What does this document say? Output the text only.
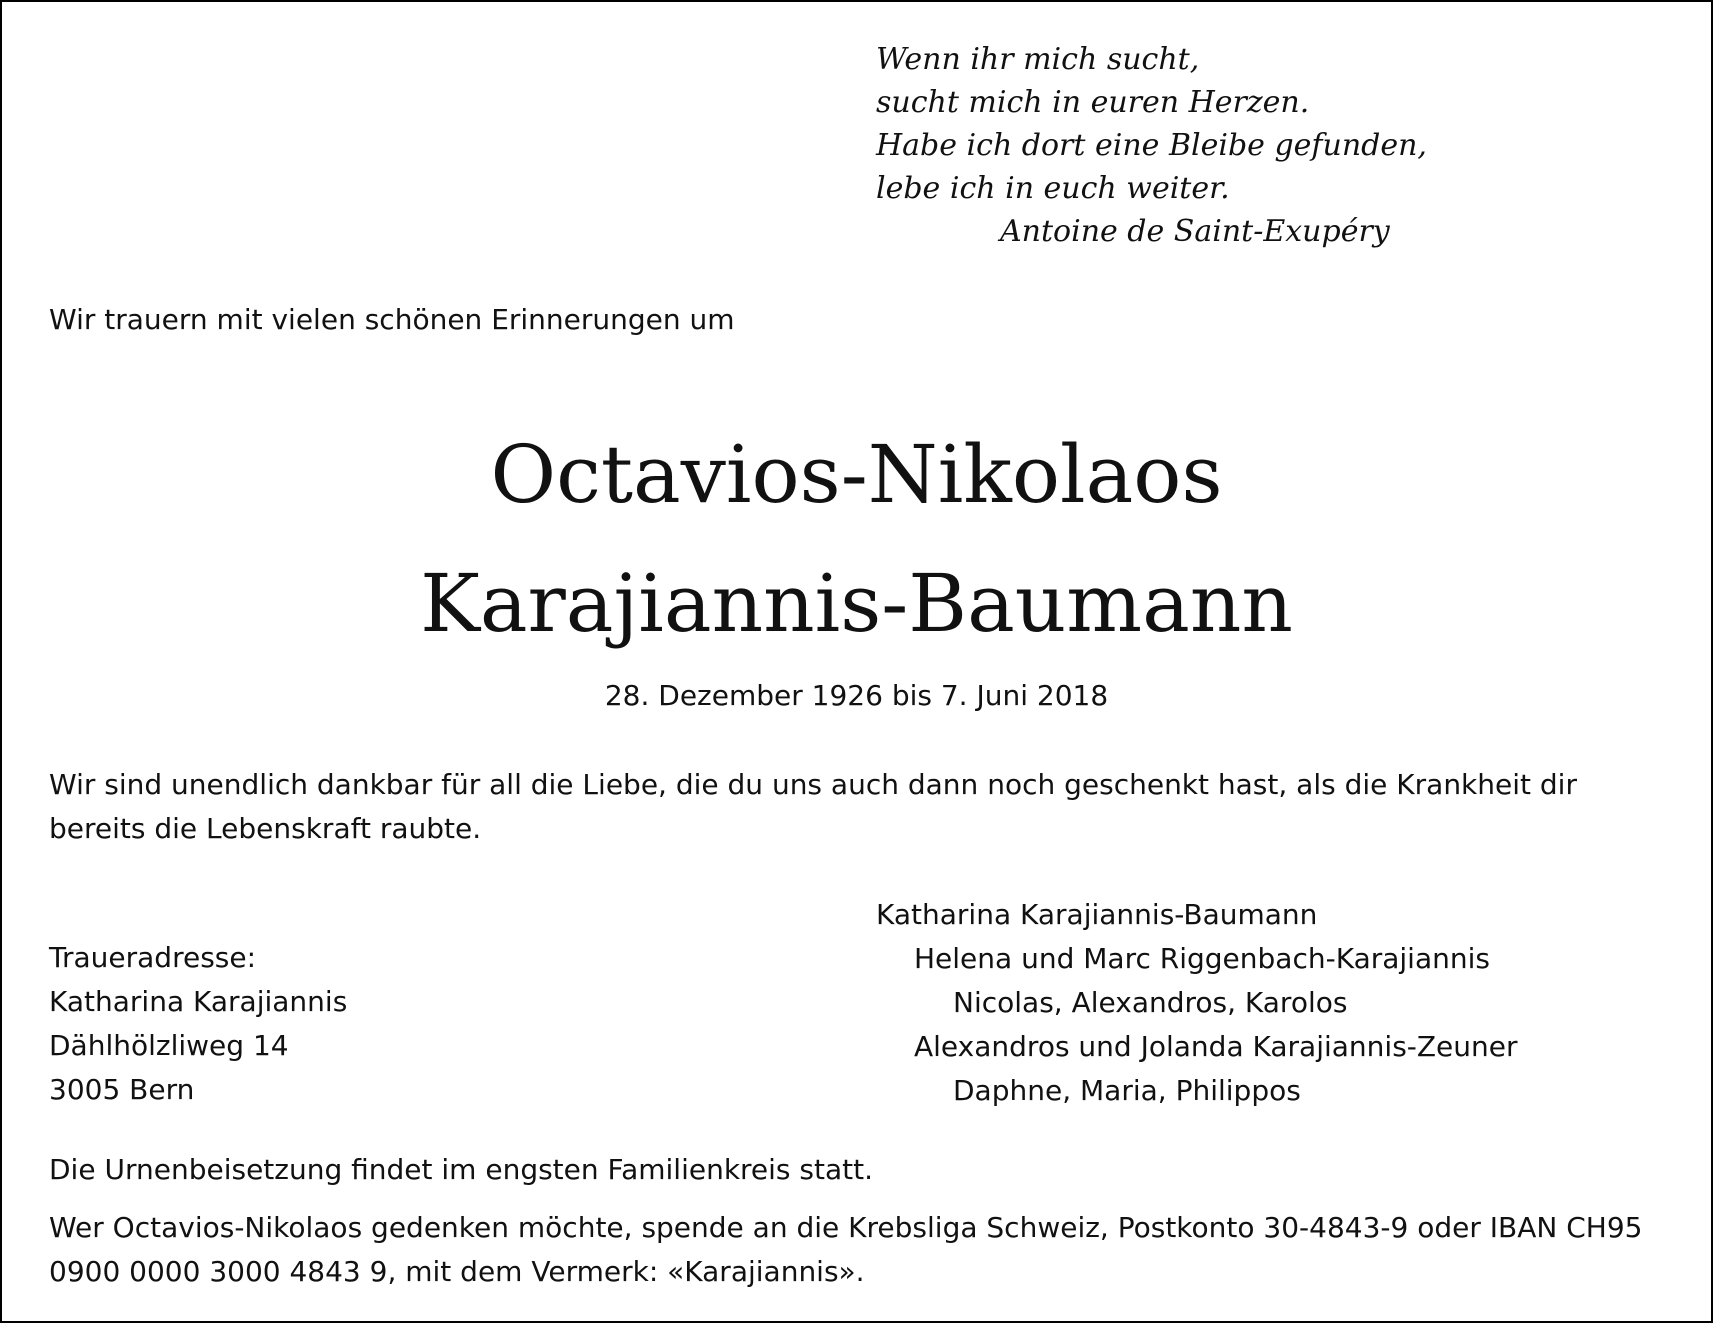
Wenn ihr mich sucht,
sucht mich in euren Herzen.
Habe ich dort eine Bleibe gefunden,
lebe ich in euch weiter.
Antoine de Saint-Exupéry
Wir trauern mit vielen schönen Erinnerungen um
Octavios-Nikolaos
Karajiannis-Baumann
28. Dezember 1926 bis 7. Juni 2018
Wir sind unendlich dankbar für all die Liebe, die du uns auch dann noch geschenkt hast, als die Krankheit dir bereits die Lebenskraft raubte.
Katharina Karajiannis-Baumann
Helena und Marc Riggenbach-Karajiannis
Nicolas, Alexandros, Karolos
Alexandros und Jolanda Karajiannis-Zeuner
Daphne, Maria, Philippos
Traueradresse:
Katharina Karajiannis
Dählhölzliweg 14
3005 Bern
Die Urnenbeisetzung findet im engsten Familienkreis statt.
Wer Octavios-Nikolaos gedenken möchte, spende an die Krebsliga Schweiz, Postkonto 30-4843-9 oder IBAN CH95 0900 0000 3000 4843 9, mit dem Vermerk: «Karajiannis».
